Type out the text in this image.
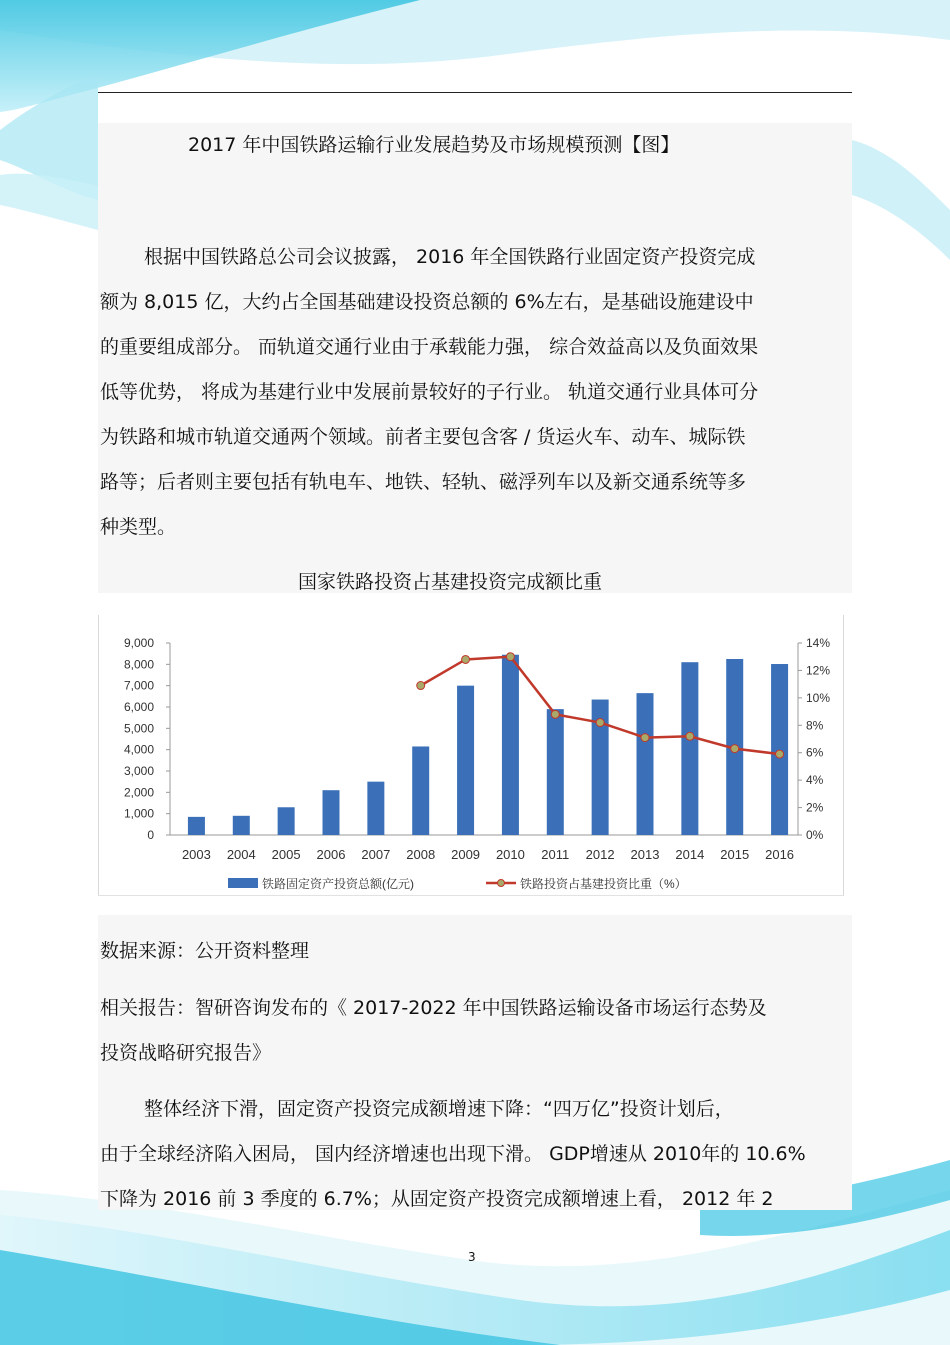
2017 年中国铁路运输行业发展趋势及市场规模预测【图】
根据中国铁路总公司会议披露， 2016 年全国铁路行业固定资产投资完成
额为 8,015 亿，大约占全国基础建设投资总额的 6%左右，是基础设施建设中
的重要组成部分。 而轨道交通行业由于承载能力强， 综合效益高以及负面效果
低等优势， 将成为基建行业中发展前景较好的子行业。 轨道交通行业具体可分
为铁路和城市轨道交通两个领域。前者主要包含客 / 货运火车、动车、城际铁
路等；后者则主要包括有轨电车、地铁、轻轨、磁浮列车以及新交通系统等多
种类型。
国家铁路投资占基建投资完成额比重
0
1,000
2,000
3,000
4,000
5,000
6,000
7,000
8,000
9,000
0%
2%
4%
6%
8%
10%
12%
14%
2003 2004 2005 2006 2007 2008 2009 2010 2011 2012 2013 2014 2015 2016
铁路固定资产投资总额(亿元)	铁路投资占基建投资比重（%）
数据来源：公开资料整理
相关报告：智研咨询发布的《 2017-2022 年中国铁路运输设备市场运行态势及
投资战略研究报告》
整体经济下滑，固定资产投资完成额增速下降：“四万亿”投资计划后，
由于全球经济陷入困局， 国内经济增速也出现下滑。 GDP增速从 2010年的 10.6%
下降为 2016 前 3 季度的 6.7%；从固定资产投资完成额增速上看， 2012 年 2
3
